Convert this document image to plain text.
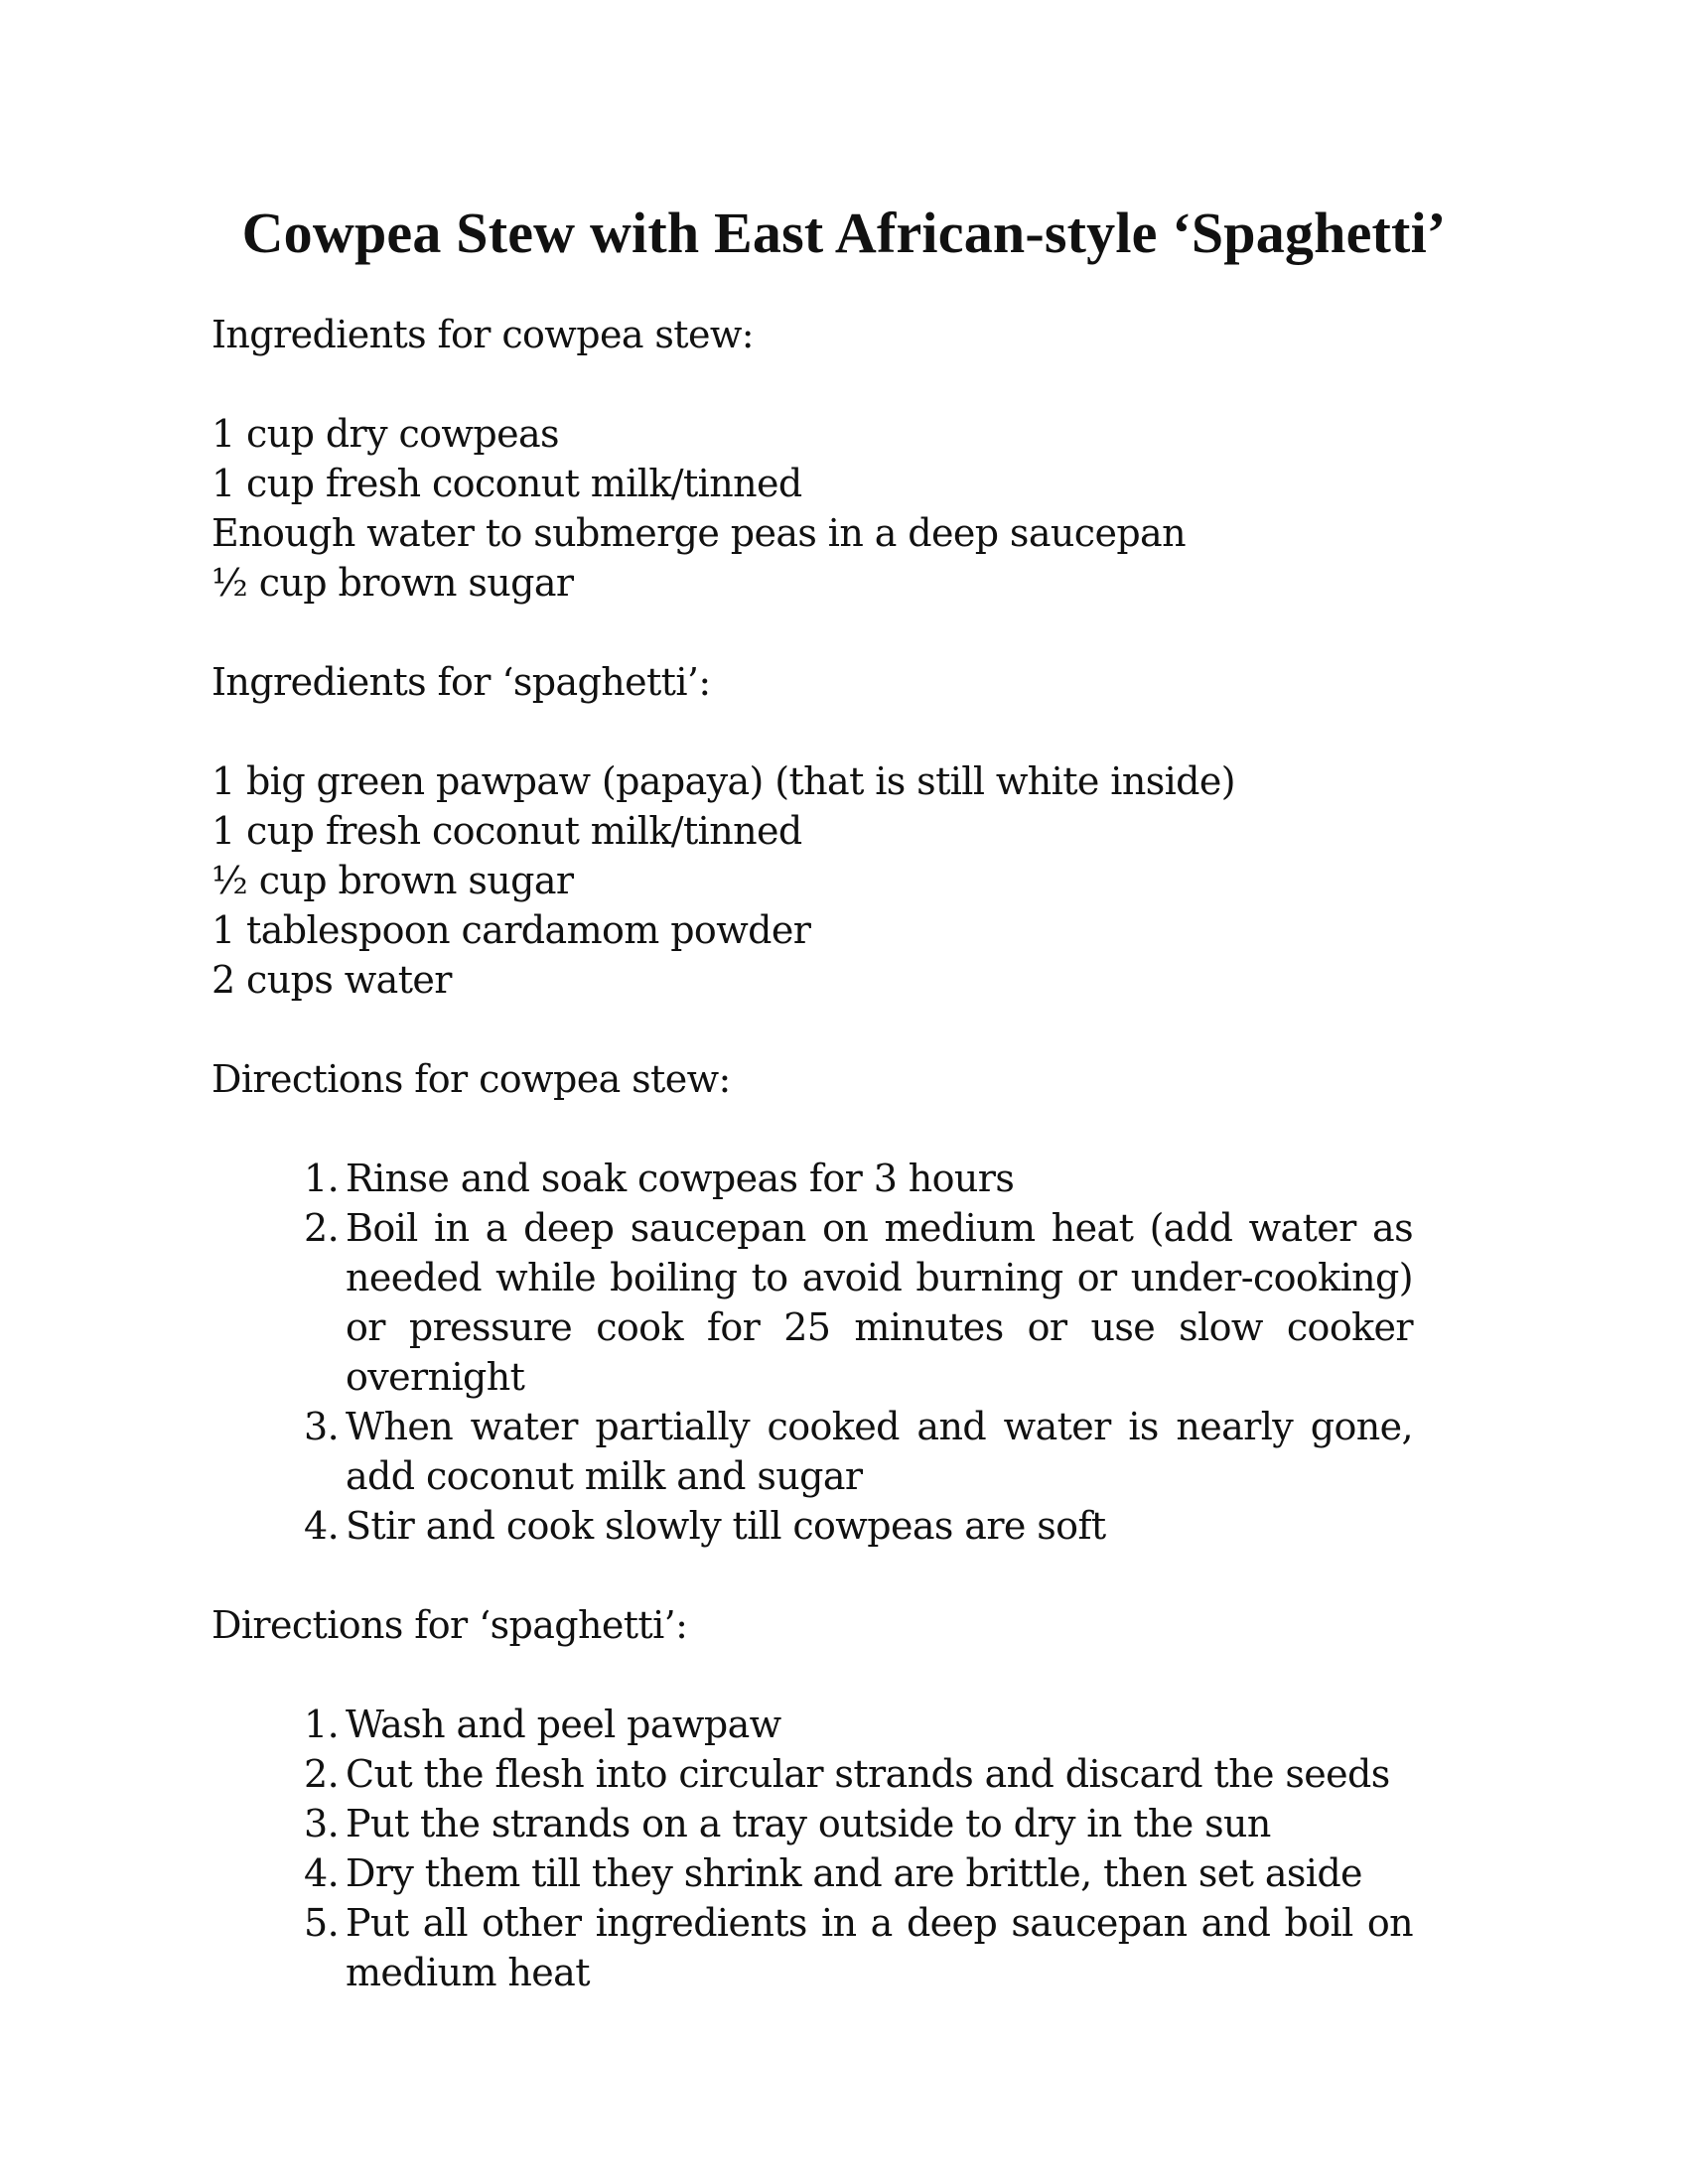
Cowpea Stew with East African-style ‘Spaghetti’

Ingredients for cowpea stew:

1 cup dry cowpeas
1 cup fresh coconut milk/tinned
Enough water to submerge peas in a deep saucepan
½ cup brown sugar

Ingredients for ‘spaghetti’:

1 big green pawpaw (papaya) (that is still white inside)
1 cup fresh coconut milk/tinned
½ cup brown sugar
1 tablespoon cardamom powder
2 cups water

Directions for cowpea stew:

1. Rinse and soak cowpeas for 3 hours
2. Boil in a deep saucepan on medium heat (add water as needed while boiling to avoid burning or under-cooking) or pressure cook for 25 minutes or use slow cooker overnight
3. When water partially cooked and water is nearly gone, add coconut milk and sugar
4. Stir and cook slowly till cowpeas are soft

Directions for ‘spaghetti’:

1. Wash and peel pawpaw
2. Cut the flesh into circular strands and discard the seeds
3. Put the strands on a tray outside to dry in the sun
4. Dry them till they shrink and are brittle, then set aside
5. Put all other ingredients in a deep saucepan and boil on medium heat
